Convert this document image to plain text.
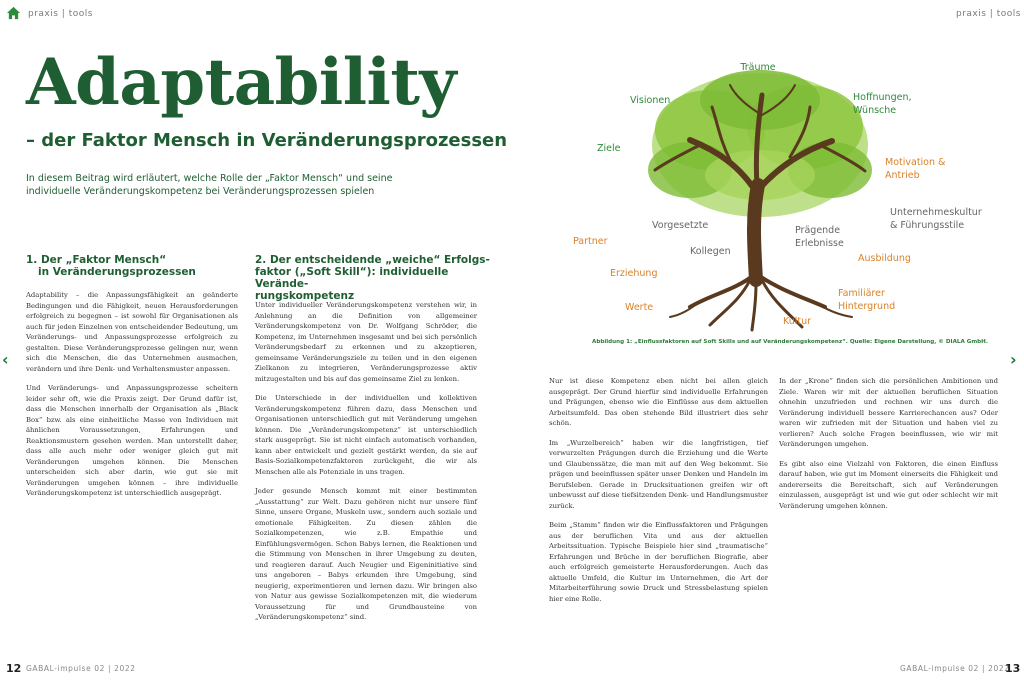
praxis | tools	praxis | tools
Adaptability
– der Faktor Mensch in Veränderungsprozessen
In diesem Beitrag wird erläutert, welche Rolle der „Faktor Mensch“ und seine individuelle Veränderungskompetenz bei Veränderungsprozessen spielen
1. Der „Faktor Mensch“
in Veränderungsprozessen

Adaptability – die Anpassungsfähigkeit an geänderte Bedingungen und die Fähigkeit, neuen Herausforderungen erfolgreich zu begegnen – ist sowohl für Organisationen als auch für jeden Einzelnen von entscheidender Bedeutung, um Veränderungs- und Anpassungsprozesse erfolgreich zu gestalten. Diese Veränderungsprozesse gelingen nur, wenn sich die Menschen, die das Unternehmen ausmachen, verändern und ihre Denk- und Verhaltensmuster anpassen.

Und Veränderungs- und Anpassungsprozesse scheitern leider sehr oft, wie die Praxis zeigt. Der Grund dafür ist, dass die Menschen innerhalb der Organisation als „Black Box“ bzw. als eine einheitliche Masse von Individuen mit ähnlichen Voraussetzungen, Erfahrungen und Reaktionsmustern gesehen werden. Man unterstellt daher, dass alle auch mehr oder weniger gleich gut mit Veränderungen umgehen können. Die Menschen unterscheiden sich aber darin, wie gut sie mit Veränderungen umgehen können – ihre individuelle Veränderungskompetenz ist unterschiedlich ausgeprägt.

2. Der entscheidende „weiche“ Erfolgs-
faktor („Soft Skill“): individuelle Verände-
rungskompetenz

Unter individueller Veränderungskompetenz verstehen wir, in Anlehnung an die Definition von allgemeiner Veränderungskompetenz von Dr. Wolfgang Schröder, die Kompetenz, im Unternehmen insgesamt und bei sich persönlich Veränderungsbedarf zu erkennen und zu akzeptieren, gemeinsame Veränderungsziele zu teilen und in den eigenen Zielkanon zu integrieren, Veränderungsprozesse aktiv mitzugestalten und bis auf das gemeinsame Ziel zu lenken.

Die Unterschiede in der individuellen und kollektiven Veränderungskompetenz führen dazu, dass Menschen und Organisationen unterschiedlich gut mit Veränderung umgehen können. Die „Veränderungskompetenz“ ist unterschiedlich stark ausgeprägt. Sie ist nicht einfach automatisch vorhanden, kann aber entwickelt und gezielt gestärkt werden, da sie auf Basis-Sozialkompetenzfaktoren zurückgeht, die wir als Menschen alle als Potenziale in uns tragen.

Jeder gesunde Mensch kommt mit einer bestimmten „Ausstattung“ zur Welt. Dazu gehören nicht nur unsere fünf Sinne, unsere Organe, Muskeln usw., sondern auch soziale und emotionale Fähigkeiten. Zu diesen zählen die Sozialkompetenzen, wie z.B. Empathie und Einfühlungsvermögen. Schon Babys lernen, die Reaktionen und die Stimmung von Menschen in ihrer Umgebung zu deuten, und reagieren darauf. Auch Neugier und Eigeninitiative sind uns angeboren – Babys erkunden ihre Umgebung, sind neugierig, experimentieren und lernen dazu. Wir bringen also von Natur aus gewisse Sozialkompetenzen mit, die wiederum Voraussetzung für und Grundbausteine von „Veränderungskompetenz“ sind.

Träume
Visionen	Hoffnungen,
Wünsche
Ziele
Motivation &
Antrieb
Unternehmeskultur
& Führungsstile
Vorgesetzte	Prägende
Erlebnisse
Partner
Kollegen
Ausbildung
Erziehung
Familiärer
Hintergrund
Werte
Kultur
Abbildung 1: „Einflussfaktoren auf Soft Skills und auf Veränderungskompetenz“. Quelle: Eigene Darstellung, © DIALA GmbH.

Nur ist diese Kompetenz eben nicht bei allen gleich ausgeprägt. Der Grund hierfür sind individuelle Erfahrungen und Prägungen, ebenso wie die Einflüsse aus dem aktuellen Arbeitsumfeld. Das oben stehende Bild illustriert dies sehr schön.

Im „Wurzelbereich“ haben wir die langfristigen, tief verwurzelten Prägungen durch die Erziehung und die Werte und Glaubenssätze, die man mit auf den Weg bekommt. Sie prägen und beeinflussen später unser Denken und Handeln im Berufsleben. Gerade in Drucksituationen greifen wir oft unbewusst auf diese tiefsitzenden Denk- und Handlungsmuster zurück.

Beim „Stamm“ finden wir die Einflussfaktoren und Prägungen aus der beruflichen Vita und aus der aktuellen Arbeitssituation. Typische Beispiele hier sind „traumatische“ Erfahrungen und Brüche in der beruflichen Biografie, aber auch erfolgreich gemeisterte Herausforderungen. Auch das aktuelle Umfeld, die Kultur im Unternehmen, die Art der Mitarbeiterführung sowie Druck und Stressbelastung spielen hier eine Rolle.

In der „Krone“ finden sich die persönlichen Ambitionen und Ziele. Waren wir mit der aktuellen beruflichen Situation ohnehin unzufrieden und rechnen wir uns durch die Veränderung individuell bessere Karrierechancen aus? Oder waren wir zufrieden mit der Situation und haben viel zu verlieren? Auch solche Fragen beeinflussen, wie wir mit Veränderungen umgehen.

Es gibt also eine Vielzahl von Faktoren, die einen Einfluss darauf haben, wie gut im Moment einerseits die Fähigkeit und andererseits die Bereitschaft, sich auf Veränderungen einzulassen, ausgeprägt ist und wie gut oder schlecht wir mit Veränderung umgehen können.

‹	›
12 GABAL-impulse 02 | 2022	GABAL-impulse 02 | 2022
13
